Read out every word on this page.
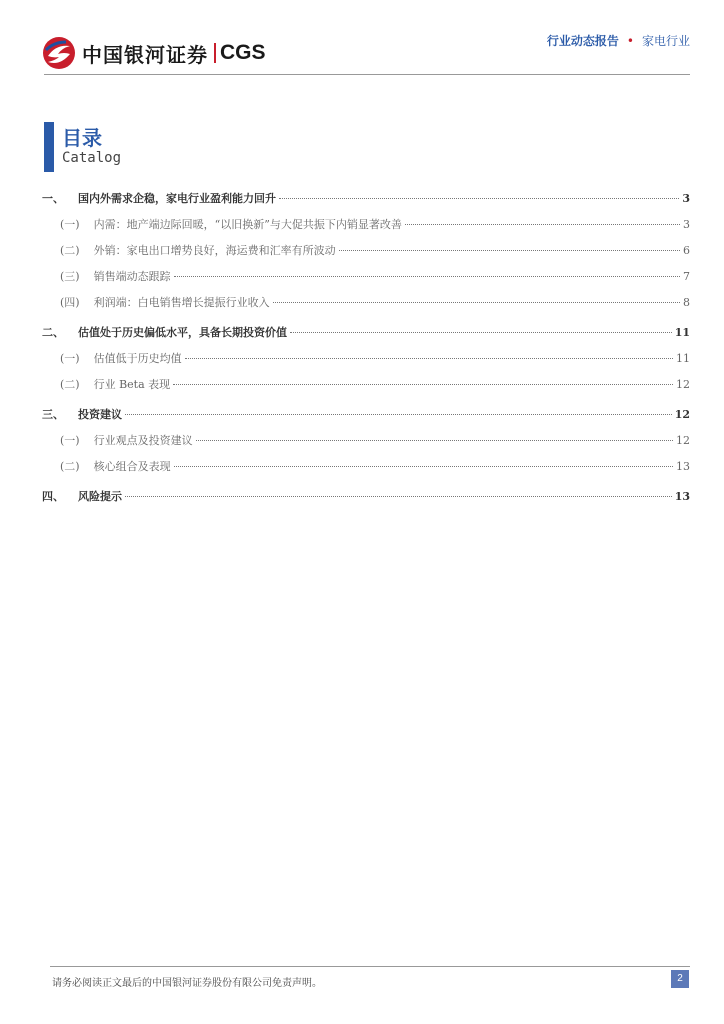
中国银河证券 CGS	行业动态报告 • 家电行业
目录
Catalog
一、 国内外需求企稳，家电行业盈利能力回升	3
(一) 内需：地产端边际回暖，“以旧换新”与大促共振下内销显著改善	3
(二) 外销：家电出口增势良好，海运费和汇率有所波动	6
(三) 销售端动态跟踪	7
(四) 利润端：白电销售增长提振行业收入	8
二、 估值处于历史偏低水平，具备长期投资价值	11
(一) 估值低于历史均值	11
(二) 行业 Beta 表现	12
三、 投资建议	12
(一) 行业观点及投资建议	12
(二) 核心组合及表现	13
四、 风险提示	13
请务必阅读正文最后的中国银河证券股份有限公司免责声明。	2
